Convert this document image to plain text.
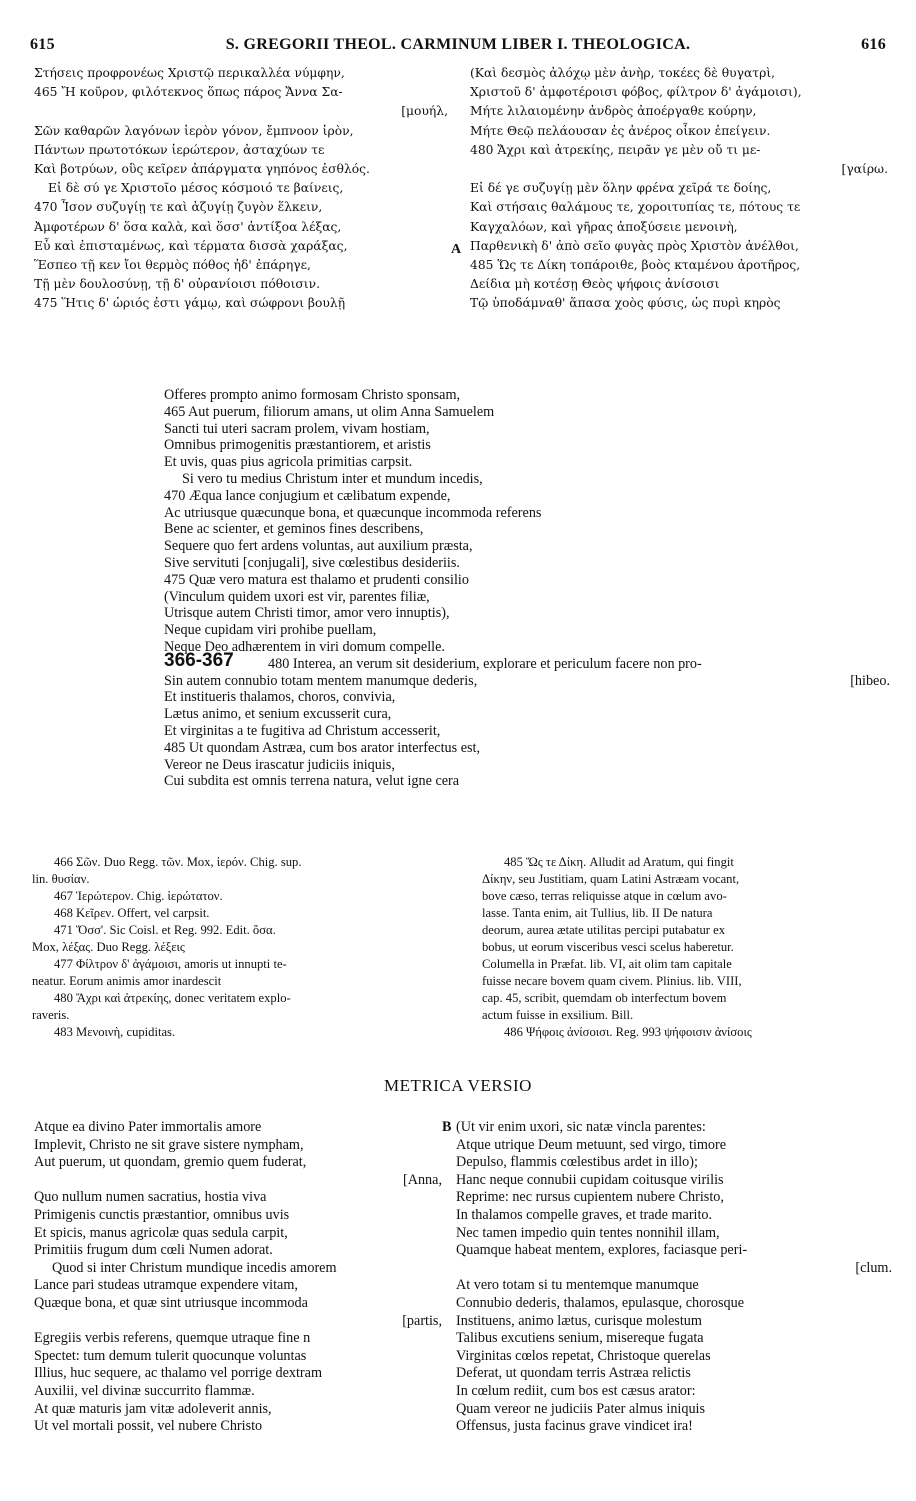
615	S. GREGORII THEOL. CARMINUM LIBER I. THEOLOGICA.	616
Στήσεις προφρονέως Χριστῷ περικαλλέα νύμφην,
465 Ἤ κοῦρον, φιλότεκνος ὅπως πάρος Ἄννα Σα-
[μουήλ,
Σῶν καθαρῶν λαγόνων ἱερὸν γόνον, ἔμπνοον ἱρὸν,
Πάντων πρωτοτόκων ἱερώτερον, ἀσταχύων τε
Καὶ βοτρύων, οὓς κεῖρεν ἀπάργματα γηπόνος ἐσθλός.
Εἰ δὲ σύ γε Χριστοῖο μέσος κόσμοιό τε βαίνεις,
470 Ἶσον συζυγίῃ τε καὶ ἀζυγίῃ ζυγὸν ἕλκειν,
Ἀμφοτέρων δ' ὅσα καλὰ, καὶ ὅσσ' ἀντίξοα λέξας,
Εὖ καὶ ἐπισταμένως, καὶ τέρματα δισσὰ χαράξας,
Ἕσπεο τῇ κεν ἴοι θερμὸς πόθος ἠδ' ἐπάρηγε,
Τῇ μὲν δουλοσύνῃ, τῇ δ' οὐρανίοισι πόθοισιν.
475 Ἥτις δ' ὡριός ἐστι γάμῳ, καὶ σώφρονι βουλῇ
A
(Καὶ δεσμὸς ἀλόχῳ μὲν ἀνὴρ, τοκέες δὲ θυγατρὶ,
Χριστοῦ δ' ἀμφοτέροισι φόβος, φίλτρον δ' ἀγάμοισι),
Μήτε λιλαιομένην ἀνδρὸς ἀποέργαθε κούρην,
Μήτε Θεῷ πελάουσαν ἐς ἀνέρος οἶκον ἐπείγειν.
480 Ἄχρι καὶ ἀτρεκίης, πειρᾶν γε μὲν οὔ τι με-
[γαίρω.
Εἰ δέ γε συζυγίῃ μὲν ὅλην φρένα χεῖρά τε δοίης,
Καὶ στήσαις θαλάμους τε, χοροιτυπίας τε, πότους τε
Καγχαλόων, καὶ γῆρας ἀποξύσειε μενοινὴ,
Παρθενικὴ δ' ἀπὸ σεῖο φυγὰς πρὸς Χριστὸν ἀνέλθοι,
485 Ὥς τε Δίκη τοπάροιθε, βοὸς κταμένου ἀροτῆρος,
Δείδια μὴ κοτέσῃ Θεὸς ψήφοις ἀνίσοισι
Τῷ ὑποδάμναθ' ἅπασα χοὸς φύσις, ὡς πυρὶ κηρὸς
Offeres prompto animo formosam Christo sponsam,
465 Aut puerum, filiorum amans, ut olim Anna Samuelem
Sancti tui uteri sacram prolem, vivam hostiam,
Omnibus primogenitis præstantiorem, et aristis
Et uvis, quas pius agricola primitias carpsit.
Si vero tu medius Christum inter et mundum incedis,
470 Æqua lance conjugium et cælibatum expende,
Ac utriusque quæcunque bona, et quæcunque incommoda referens
Bene ac scienter, et geminos fines describens,
Sequere quo fert ardens voluntas, aut auxilium præsta,
Sive servituti [conjugali], sive cœlestibus desideriis.
475 Quæ vero matura est thalamo et prudenti consilio
(Vinculum quidem uxori est vir, parentes filiæ,
Utrisque autem Christi timor, amor vero innuptis),
Neque cupidam viri prohibe puellam,
Neque Deo adhærentem in viri domum compelle.
366-367 480 Interea, an verum sit desiderium, explorare et periculum facere non pro-
Sin autem connubio totam mentem manumque dederis,	[hibeo.
Et institueris thalamos, choros, convivia,
Lætus animo, et senium excusserit cura,
Et virginitas a te fugitiva ad Christum accesserit,
485 Ut quondam Astræa, cum bos arator interfectus est,
Vereor ne Deus irascatur judiciis iniquis,
Cui subdita est omnis terrena natura, velut igne cera
466 Σῶν. Duo Regg. τῶν. Mox, ἱερόν. Chig. sup.
lin. θυσίαν.
467 Ἱερώτερον. Chig. ἱερώτατον.
468 Κεῖρεν. Offert, vel carpsit.
471 Ὅσσ'. Sic Coisl. et Reg. 992. Edit. ὅσα.
Mox, λέξας. Duo Regg. λέξεις
477 Φίλτρον δ' ἀγάμοισι, amoris ut innupti te-
neatur. Eorum animis amor inardescit
480 Ἄχρι καὶ ἀτρεκίης, donec veritatem explo-
raveris.
483 Μενοινὴ, cupiditas.
485 Ὥς τε Δίκη. Alludit ad Aratum, qui fingit
Δίκην, seu Justitiam, quam Latini Astræam vocant,
bove cæso, terras reliquisse atque in cœlum avo-
lasse. Tanta enim, ait Tullius, lib. II De natura
deorum, aurea ætate utilitas percipi putabatur ex
bobus, ut eorum visceribus vesci scelus haberetur.
Columella in Præfat. lib. VI, ait olim tam capitale
fuisse necare bovem quam civem. Plinius. lib. VIII,
cap. 45, scribit, quemdam ob interfectum bovem
actum fuisse in exsilium. Bill.
486 Ψήφοις ἀνίσοισι. Reg. 993 ψήφοισιν ἀνίσοις
METRICA VERSIO
Atque ea divino Pater immortalis amore
Implevit, Christo ne sit grave sistere nympham,
Aut puerum, ut quondam, gremio quem fuderat,
[Anna,
Quo nullum numen sacratius, hostia viva
Primigenis cunctis præstantior, omnibus uvis
Et spicis, manus agricolæ quas sedula carpit,
Primitiis frugum dum cœli Numen adorat.
Quod si inter Christum mundique incedis amorem
Lance pari studeas utramque expendere vitam,
Quæque bona, et quæ sint utriusque incommoda
[partis,
Egregiis verbis referens, quemque utraque fine n
Spectet: tum demum tulerit quocunque voluntas
Illius, huc sequere, ac thalamo vel porrige dextram
Auxilii, vel divinæ succurrito flammæ.
At quæ maturis jam vitæ adoleverit annis,
Ut vel mortali possit, vel nubere Christo
B (Ut vir enim uxori, sic natæ vincla parentes:
Atque utrique Deum metuunt, sed virgo, timore
Depulso, flammis cœlestibus ardet in illo);
Hanc neque connubii cupidam coitusque virilis
Reprime: nec rursus cupientem nubere Christo,
In thalamos compelle graves, et trade marito.
Nec tamen impedio quin tentes nonnihil illam,
Quamque habeat mentem, explores, faciasque peri-
[clum.
At vero totam si tu mentemque manumque
Connubio dederis, thalamos, epulasque, chorosque
Instituens, animo lætus, curisque molestum
Talibus excutiens senium, misereque fugata
Virginitas cœlos repetat, Christoque querelas
Deferat, ut quondam terris Astræa relictis
In cœlum rediit, cum bos est cæsus arator:
Quam vereor ne judiciis Pater almus iniquis
Offensus, justa facinus grave vindicet ira!
